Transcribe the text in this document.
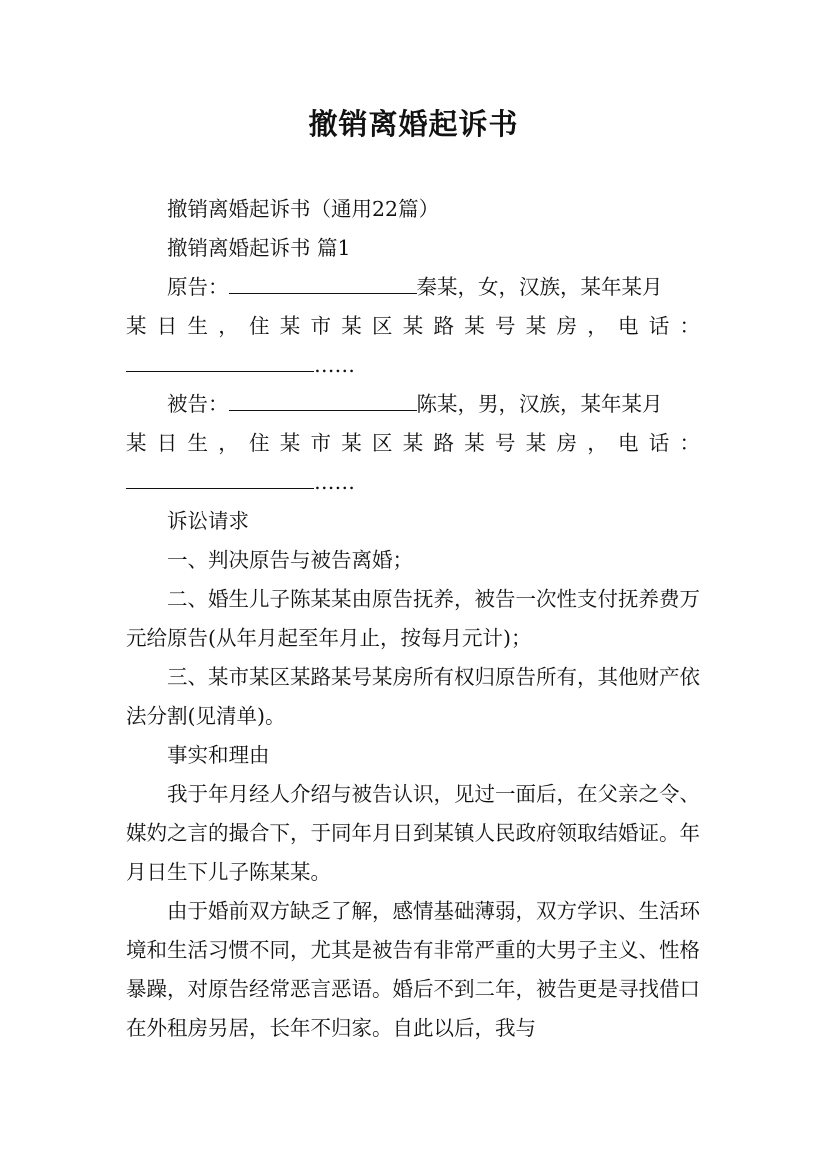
撤销离婚起诉书

撤销离婚起诉书（通用22篇）

撤销离婚起诉书 篇1

原告：	秦某，女，汉族，某年某月

某 日 生 ， 住 某 市 某 区 某 路 某 号 某 房 ， 电 话 ：
……

被告：	陈某，男，汉族，某年某月

某 日 生 ， 住 某 市 某 区 某 路 某 号 某 房 ， 电 话 ：
……

诉讼请求

一、判决原告与被告离婚；

二、婚生儿子陈某某由原告抚养，被告一次性支付抚养费万元给原告(从年月起至年月止，按每月元计)；

三、某市某区某路某号某房所有权归原告所有，其他财产依法分割(见清单)。

事实和理由

我于年月经人介绍与被告认识，见过一面后，在父亲之令、媒妁之言的撮合下，于同年月日到某镇人民政府领取结婚证。年月日生下儿子陈某某。

由于婚前双方缺乏了解，感情基础薄弱，双方学识、生活环境和生活习惯不同，尤其是被告有非常严重的大男子主义、性格暴躁，对原告经常恶言恶语。婚后不到二年，被告更是寻找借口在外租房另居，长年不归家。自此以后，我与
